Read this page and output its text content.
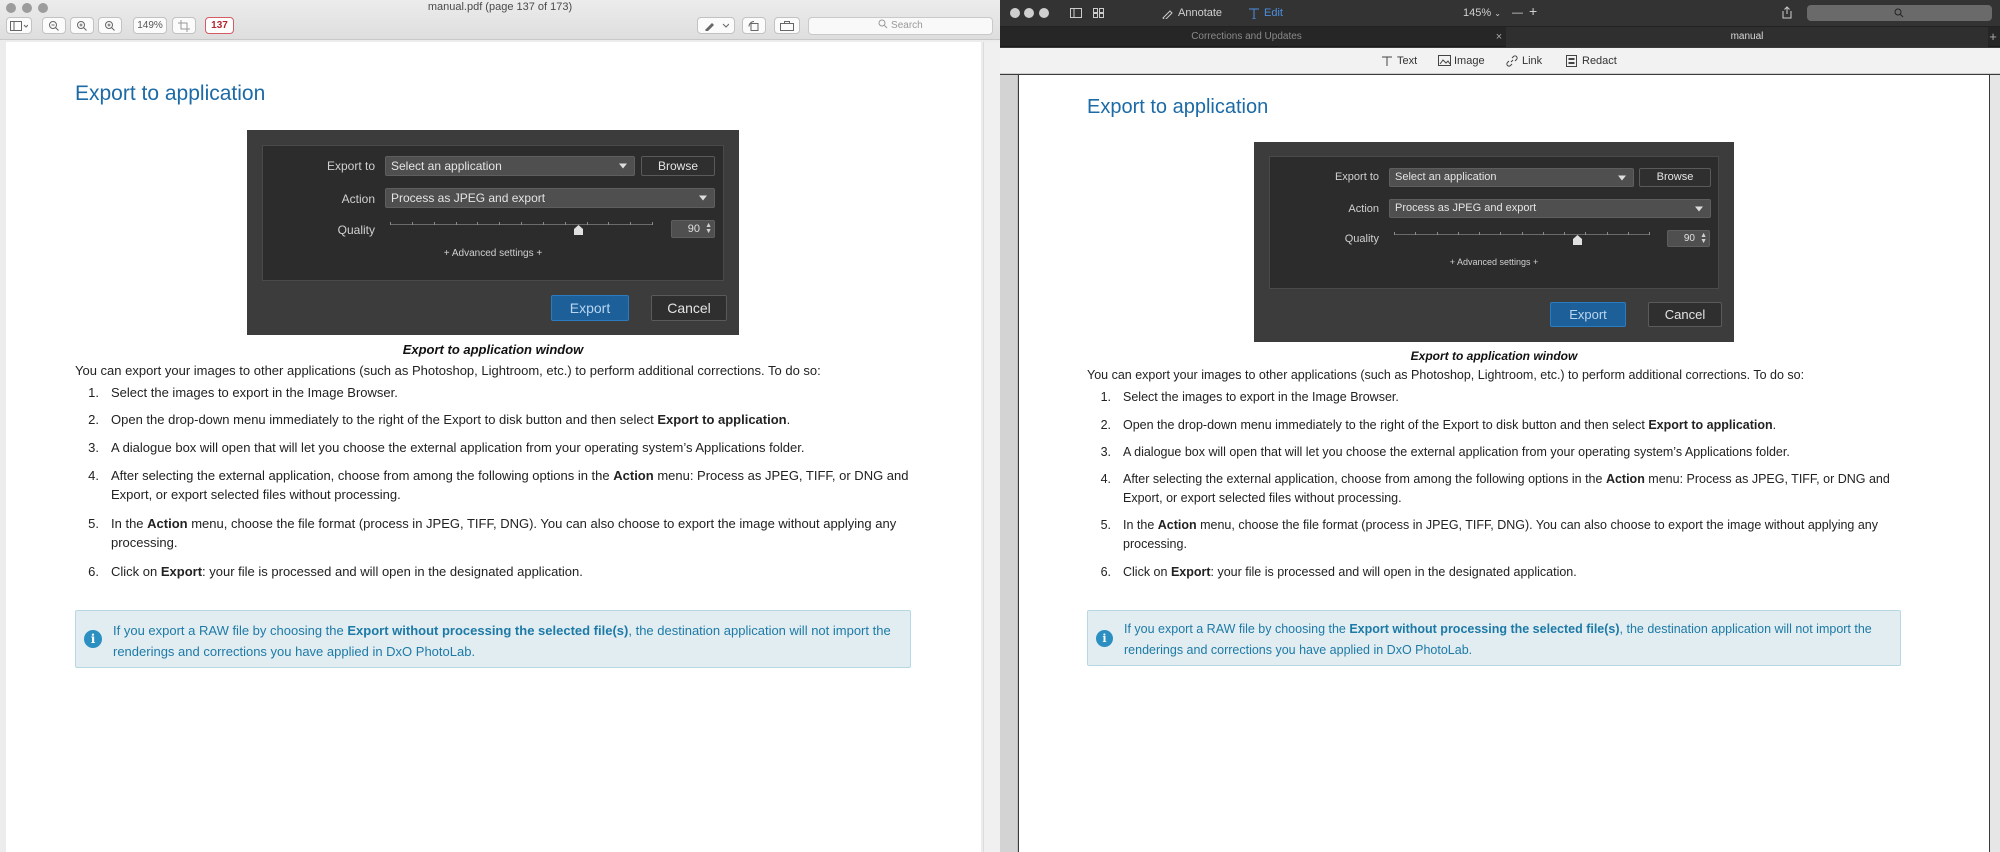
manual.pdf (page 137 of 173)
149%	137	Search
Export to application
Export to	Select an application	Browse
Action	Process as JPEG and export
Quality	90 ▲
▼
+ Advanced settings +
Export	Cancel
Export to application window
You can export your images to other applications (such as Photoshop, Lightroom, etc.) to perform additional corrections. To do so:
1. Select the images to export in the Image Browser.
2. Open the drop-down menu immediately to the right of the Export to disk button and then select Export to application.
3. A dialogue box will open that will let you choose the external application from your operating system’s Applications folder.
4. After selecting the external application, choose from among the following options in the Action menu: Process as JPEG, TIFF, or DNG and Export, or export selected files without processing.
5. In the Action menu, choose the file format (process in JPEG, TIFF, DNG). You can also choose to export the image without applying any processing.
6. Click on Export: your file is processed and will open in the designated application.
i
If you export a RAW file by choosing the Export without processing the selected file(s), the destination application will not import the renderings and corrections you have applied in DxO PhotoLab.
Annotate	Edit	145% ⌄ — +
Corrections and Updates	×	manual	+
Text	Image	Link	Redact
Export to application
Export to	Select an application	Browse
Action	Process as JPEG and export
Quality	90 ▲
▼
+ Advanced settings +
Export	Cancel
Export to application window
You can export your images to other applications (such as Photoshop, Lightroom, etc.) to perform additional corrections. To do so:
1. Select the images to export in the Image Browser.
2. Open the drop-down menu immediately to the right of the Export to disk button and then select Export to application.
3. A dialogue box will open that will let you choose the external application from your operating system’s Applications folder.
4. After selecting the external application, choose from among the following options in the Action menu: Process as JPEG, TIFF, or DNG and Export, or export selected files without processing.
5. In the Action menu, choose the file format (process in JPEG, TIFF, DNG). You can also choose to export the image without applying any processing.
6. Click on Export: your file is processed and will open in the designated application.
i
If you export a RAW file by choosing the Export without processing the selected file(s), the destination application will not import the renderings and corrections you have applied in DxO PhotoLab.
